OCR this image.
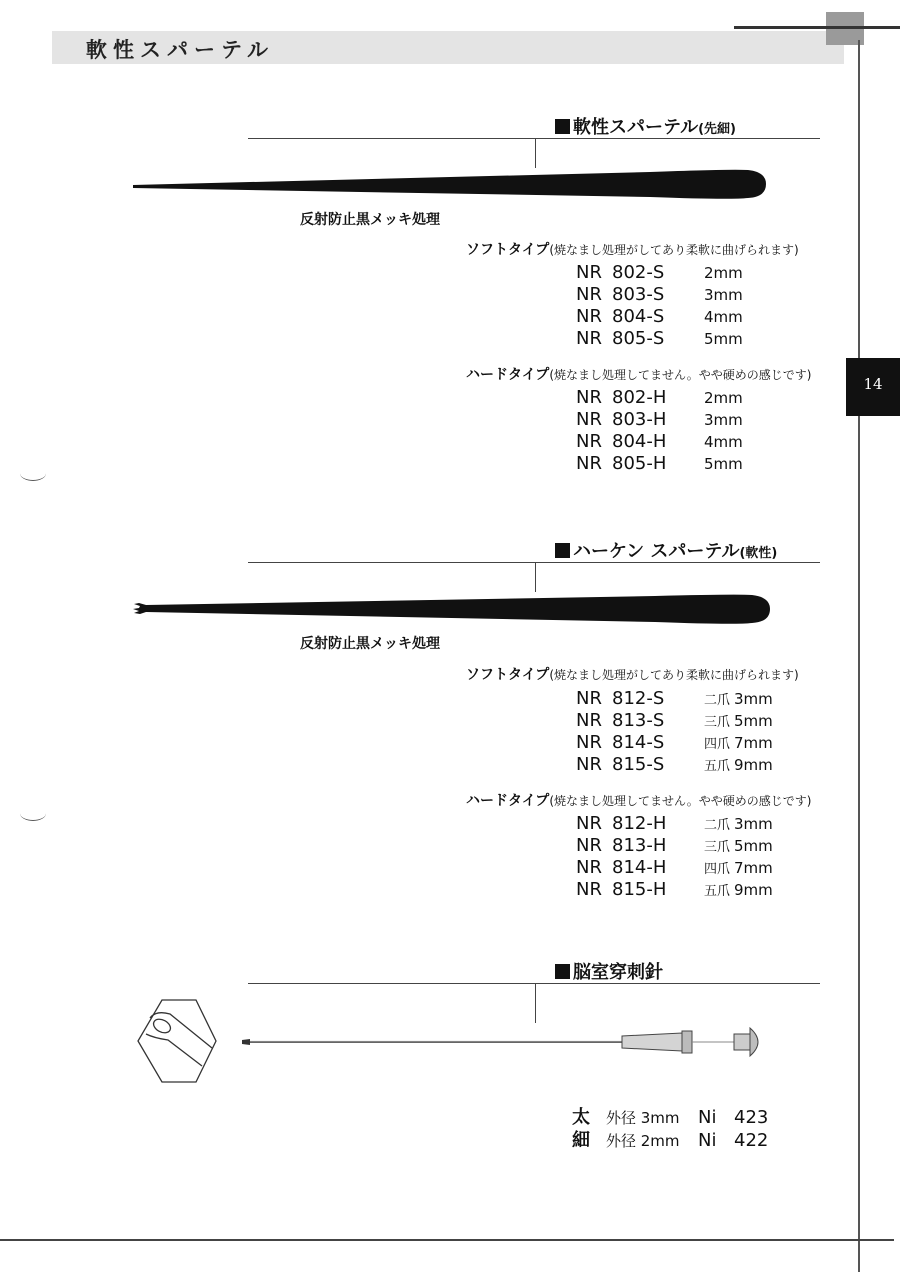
軟性スパーテル
14
軟性スパーテル(先細)
反射防止黒メッキ処理
ソフトタイプ(焼なまし処理がしてあり柔軟に曲げられます)
NR 802-S	2mm
NR 803-S	3mm
NR 804-S	4mm
NR 805-S	5mm
ハードタイプ(焼なまし処理してません。やや硬めの感じです)
NR 802-H	2mm
NR 803-H	3mm
NR 804-H	4mm
NR 805-H	5mm
ハーケン スパーテル(軟性)
反射防止黒メッキ処理
ソフトタイプ(焼なまし処理がしてあり柔軟に曲げられます)
NR 812-S	二爪 3mm
NR 813-S	三爪 5mm
NR 814-S	四爪 7mm
NR 815-S	五爪 9mm
ハードタイプ(焼なまし処理してません。やや硬めの感じです)
NR 812-H	二爪 3mm
NR 813-H	三爪 5mm
NR 814-H	四爪 7mm
NR 815-H	五爪 9mm
脳室穿刺針
太	外径 3mm	Ni 423
細	外径 2mm	Ni 422
